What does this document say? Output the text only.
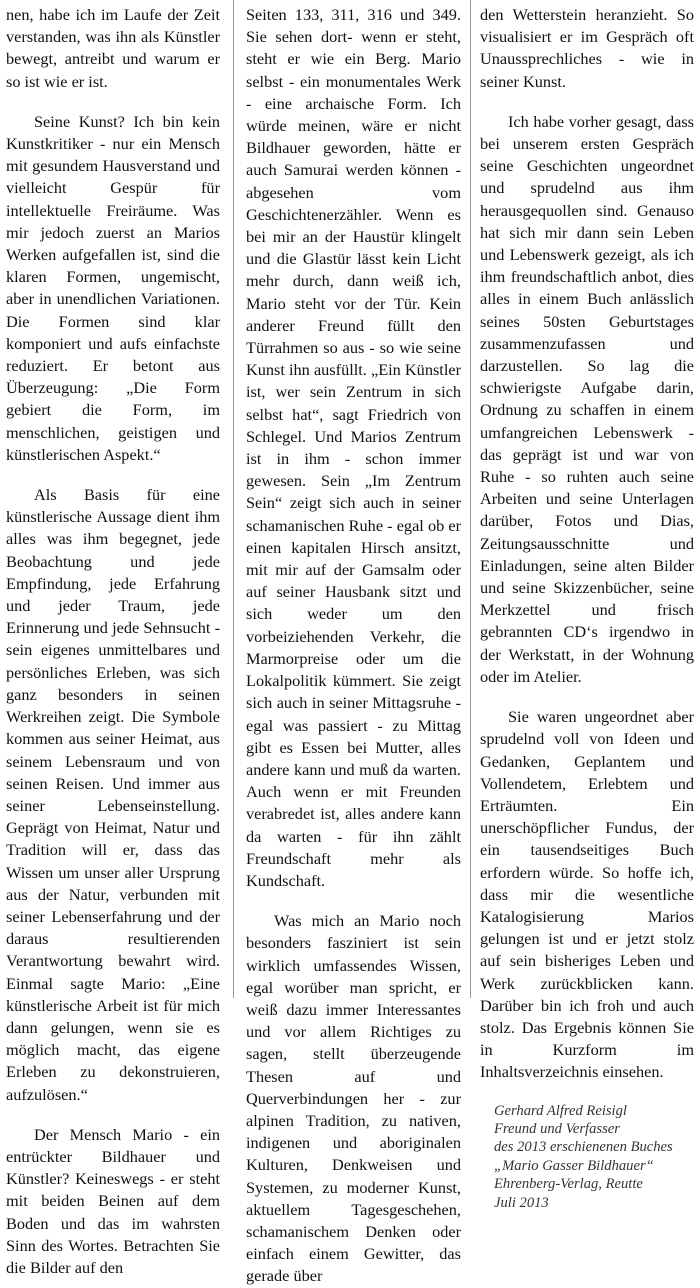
nen, habe ich im Laufe der Zeit verstanden, was ihn als Künstler bewegt, antreibt und warum er so ist wie er ist.

Seine Kunst? Ich bin kein Kunstkritiker - nur ein Mensch mit gesundem Hausverstand und vielleicht Gespür für intellektuelle Freiräume. Was mir jedoch zuerst an Marios Werken aufgefallen ist, sind die klaren Formen, ungemischt, aber in unendlichen Variationen. Die Formen sind klar komponiert und aufs einfachste reduziert. Er betont aus Überzeugung: „Die Form gebiert die Form, im menschlichen, geistigen und künstlerischen Aspekt.“

Als Basis für eine künstlerische Aussage dient ihm alles was ihm begegnet, jede Beobachtung und jede Empfindung, jede Erfahrung und jeder Traum, jede Erinnerung und jede Sehnsucht - sein eigenes unmittelbares und persönliches Erleben, was sich ganz besonders in seinen Werkreihen zeigt. Die Symbole kommen aus seiner Heimat, aus seinem Lebensraum und von seinen Reisen. Und immer aus seiner Lebenseinstellung. Geprägt von Heimat, Natur und Tradition will er, dass das Wissen um unser aller Ursprung aus der Natur, verbunden mit seiner Lebenserfahrung und der daraus resultierenden Verantwortung bewahrt wird. Einmal sagte Mario: „Eine künstlerische Arbeit ist für mich dann gelungen, wenn sie es möglich macht, das eigene Erleben zu dekonstruieren, aufzulösen.“

Der Mensch Mario - ein entrückter Bildhauer und Künstler? Keineswegs - er steht mit beiden Beinen auf dem Boden und das im wahrsten Sinn des Wortes. Betrachten Sie die Bilder auf den

Seiten 133, 311, 316 und 349. Sie sehen dort- wenn er steht, steht er wie ein Berg. Mario selbst - ein monumentales Werk - eine archaische Form. Ich würde meinen, wäre er nicht Bildhauer geworden, hätte er auch Samurai werden können - abgesehen vom Geschichtenerzähler. Wenn es bei mir an der Haustür klingelt und die Glastür lässt kein Licht mehr durch, dann weiß ich, Mario steht vor der Tür. Kein anderer Freund füllt den Türrahmen so aus - so wie seine Kunst ihn ausfüllt. „Ein Künstler ist, wer sein Zentrum in sich selbst hat“, sagt Friedrich von Schlegel. Und Marios Zentrum ist in ihm - schon immer gewesen. Sein „Im Zentrum Sein“ zeigt sich auch in seiner schamanischen Ruhe - egal ob er einen kapitalen Hirsch ansitzt, mit mir auf der Gamsalm oder auf seiner Hausbank sitzt und sich weder um den vorbeiziehenden Verkehr, die Marmorpreise oder um die Lokalpolitik kümmert. Sie zeigt sich auch in seiner Mittagsruhe - egal was passiert - zu Mittag gibt es Essen bei Mutter, alles andere kann und muß da warten. Auch wenn er mit Freunden verabredet ist, alles andere kann da warten - für ihn zählt Freundschaft mehr als Kundschaft.

Was mich an Mario noch besonders fasziniert ist sein wirklich umfassendes Wissen, egal worüber man spricht, er weiß dazu immer Interessantes und vor allem Richtiges zu sagen, stellt überzeugende Thesen auf und Querverbindungen her - zur alpinen Tradition, zu nativen, indigenen und aboriginalen Kulturen, Denkweisen und Systemen, zu moderner Kunst, aktuellem Tagesgeschehen, schamanischem Denken oder einfach einem Gewitter, das gerade über

den Wetterstein heranzieht. So visualisiert er im Gespräch oft Unaussprechliches - wie in seiner Kunst.

Ich habe vorher gesagt, dass bei unserem ersten Gespräch seine Geschichten ungeordnet und sprudelnd aus ihm herausgequollen sind. Genauso hat sich mir dann sein Leben und Lebenswerk gezeigt, als ich ihm freundschaftlich anbot, dies alles in einem Buch anlässlich seines 50sten Geburtstages zusammenzufassen und darzustellen. So lag die schwierigste Aufgabe darin, Ordnung zu schaffen in einem umfangreichen Lebenswerk - das geprägt ist und war von Ruhe - so ruhten auch seine Arbeiten und seine Unterlagen darüber, Fotos und Dias, Zeitungsausschnitte und Einladungen, seine alten Bilder und seine Skizzenbücher, seine Merkzettel und frisch gebrannten CD‘s irgendwo in der Werkstatt, in der Wohnung oder im Atelier.

Sie waren ungeordnet aber sprudelnd voll von Ideen und Gedanken, Geplantem und Vollendetem, Erlebtem und Erträumten. Ein unerschöpflicher Fundus, der ein tausendseitiges Buch erfordern würde. So hoffe ich, dass mir die wesentliche Katalogisierung Marios gelungen ist und er jetzt stolz auf sein bisheriges Leben und Werk zurückblicken kann. Darüber bin ich froh und auch stolz. Das Ergebnis können Sie in Kurzform im Inhaltsverzeichnis einsehen.

Gerhard Alfred Reisigl
Freund und Verfasser
des 2013 erschienenen Buches
„Mario Gasser Bildhauer“
Ehrenberg-Verlag, Reutte
Juli 2013
